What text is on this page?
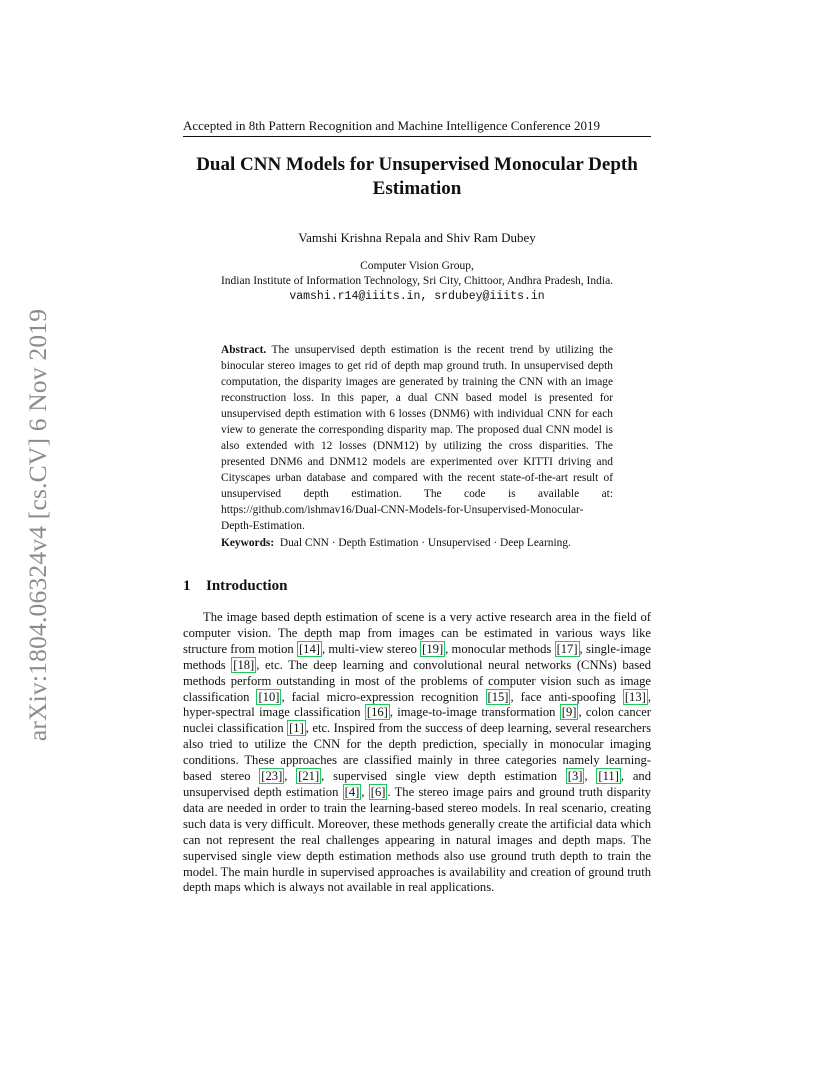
arXiv:1804.06324v4 [cs.CV] 6 Nov 2019
Accepted in 8th Pattern Recognition and Machine Intelligence Conference 2019
Dual CNN Models for Unsupervised Monocular Depth Estimation
Vamshi Krishna Repala and Shiv Ram Dubey
Computer Vision Group,
Indian Institute of Information Technology, Sri City, Chittoor, Andhra Pradesh, India.
vamshi.r14@iiits.in, srdubey@iiits.in
Abstract. The unsupervised depth estimation is the recent trend by utilizing the binocular stereo images to get rid of depth map ground truth. In unsupervised depth computation, the disparity images are generated by training the CNN with an image reconstruction loss. In this paper, a dual CNN based model is presented for unsupervised depth estimation with 6 losses (DNM6) with individual CNN for each view to generate the corresponding disparity map. The proposed dual CNN model is also extended with 12 losses (DNM12) by utilizing the cross disparities. The presented DNM6 and DNM12 models are experimented over KITTI driving and Cityscapes urban database and compared with the recent state-of-the-art result of unsupervised depth estimation. The code is available at: https://github.com/ishmav16/Dual-CNN-Models-for-Unsupervised-Monocular-Depth-Estimation.
Keywords: Dual CNN · Depth Estimation · Unsupervised · Deep Learning.
1 Introduction

The image based depth estimation of scene is a very active research area in the field of computer vision. The depth map from images can be estimated in various ways like structure from motion [14] , multi-view stereo [19] , monocular methods [17] , single-image methods [18] , etc. The deep learning and convolutional neural networks (CNNs) based methods perform outstanding in most of the problems of computer vision such as image classification [10] , facial micro-expression recognition [15] , face anti-spoofing [13] , hyper-spectral image classification [16] , image-to-image transformation [9] , colon cancer nuclei classification [1] , etc. Inspired from the success of deep learning, several researchers also tried to utilize the CNN for the depth prediction, specially in monocular imaging conditions. These approaches are classified mainly in three categories namely learning-based stereo [23] , [21] , supervised single view depth estimation [3] , [11] , and unsupervised depth estimation [4] , [6] . The stereo image pairs and ground truth disparity data are needed in order to train the learning-based stereo models. In real scenario, creating such data is very difficult. Moreover, these methods generally create the artificial data which can not represent the real challenges appearing in natural images and depth maps. The supervised single view depth estimation methods also use ground truth depth to train the model. The main hurdle in supervised approaches is availability and creation of ground truth depth maps which is always not available in real applications.
